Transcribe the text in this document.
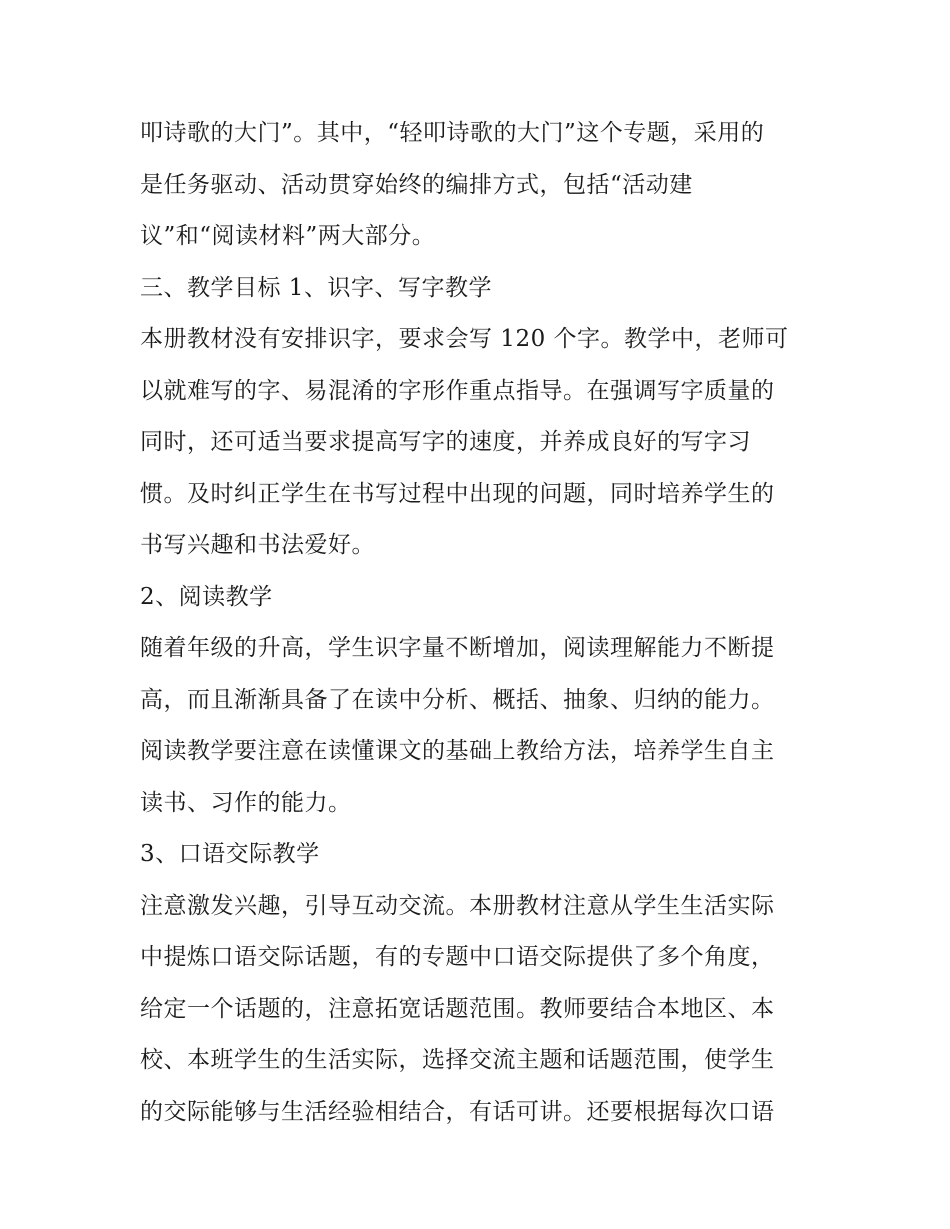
叩诗歌的大门”。其中，“轻叩诗歌的大门”这个专题，采用的

是任务驱动、活动贯穿始终的编排方式，包括“活动建

议”和“阅读材料”两大部分。

三、教学目标 1、识字、写字教学

本册教材没有安排识字，要求会写 120 个字。教学中，老师可

以就难写的字、易混淆的字形作重点指导。在强调写字质量的

同时，还可适当要求提高写字的速度，并养成良好的写字习

惯。及时纠正学生在书写过程中出现的问题，同时培养学生的

书写兴趣和书法爱好。

2、阅读教学

随着年级的升高，学生识字量不断增加，阅读理解能力不断提

高，而且渐渐具备了在读中分析、概括、抽象、归纳的能力。

阅读教学要注意在读懂课文的基础上教给方法，培养学生自主

读书、习作的能力。

3、口语交际教学

注意激发兴趣，引导互动交流。本册教材注意从学生生活实际

中提炼口语交际话题，有的专题中口语交际提供了多个角度，

给定一个话题的，注意拓宽话题范围。教师要结合本地区、本

校、本班学生的生活实际，选择交流主题和话题范围，使学生

的交际能够与生活经验相结合，有话可讲。还要根据每次口语
